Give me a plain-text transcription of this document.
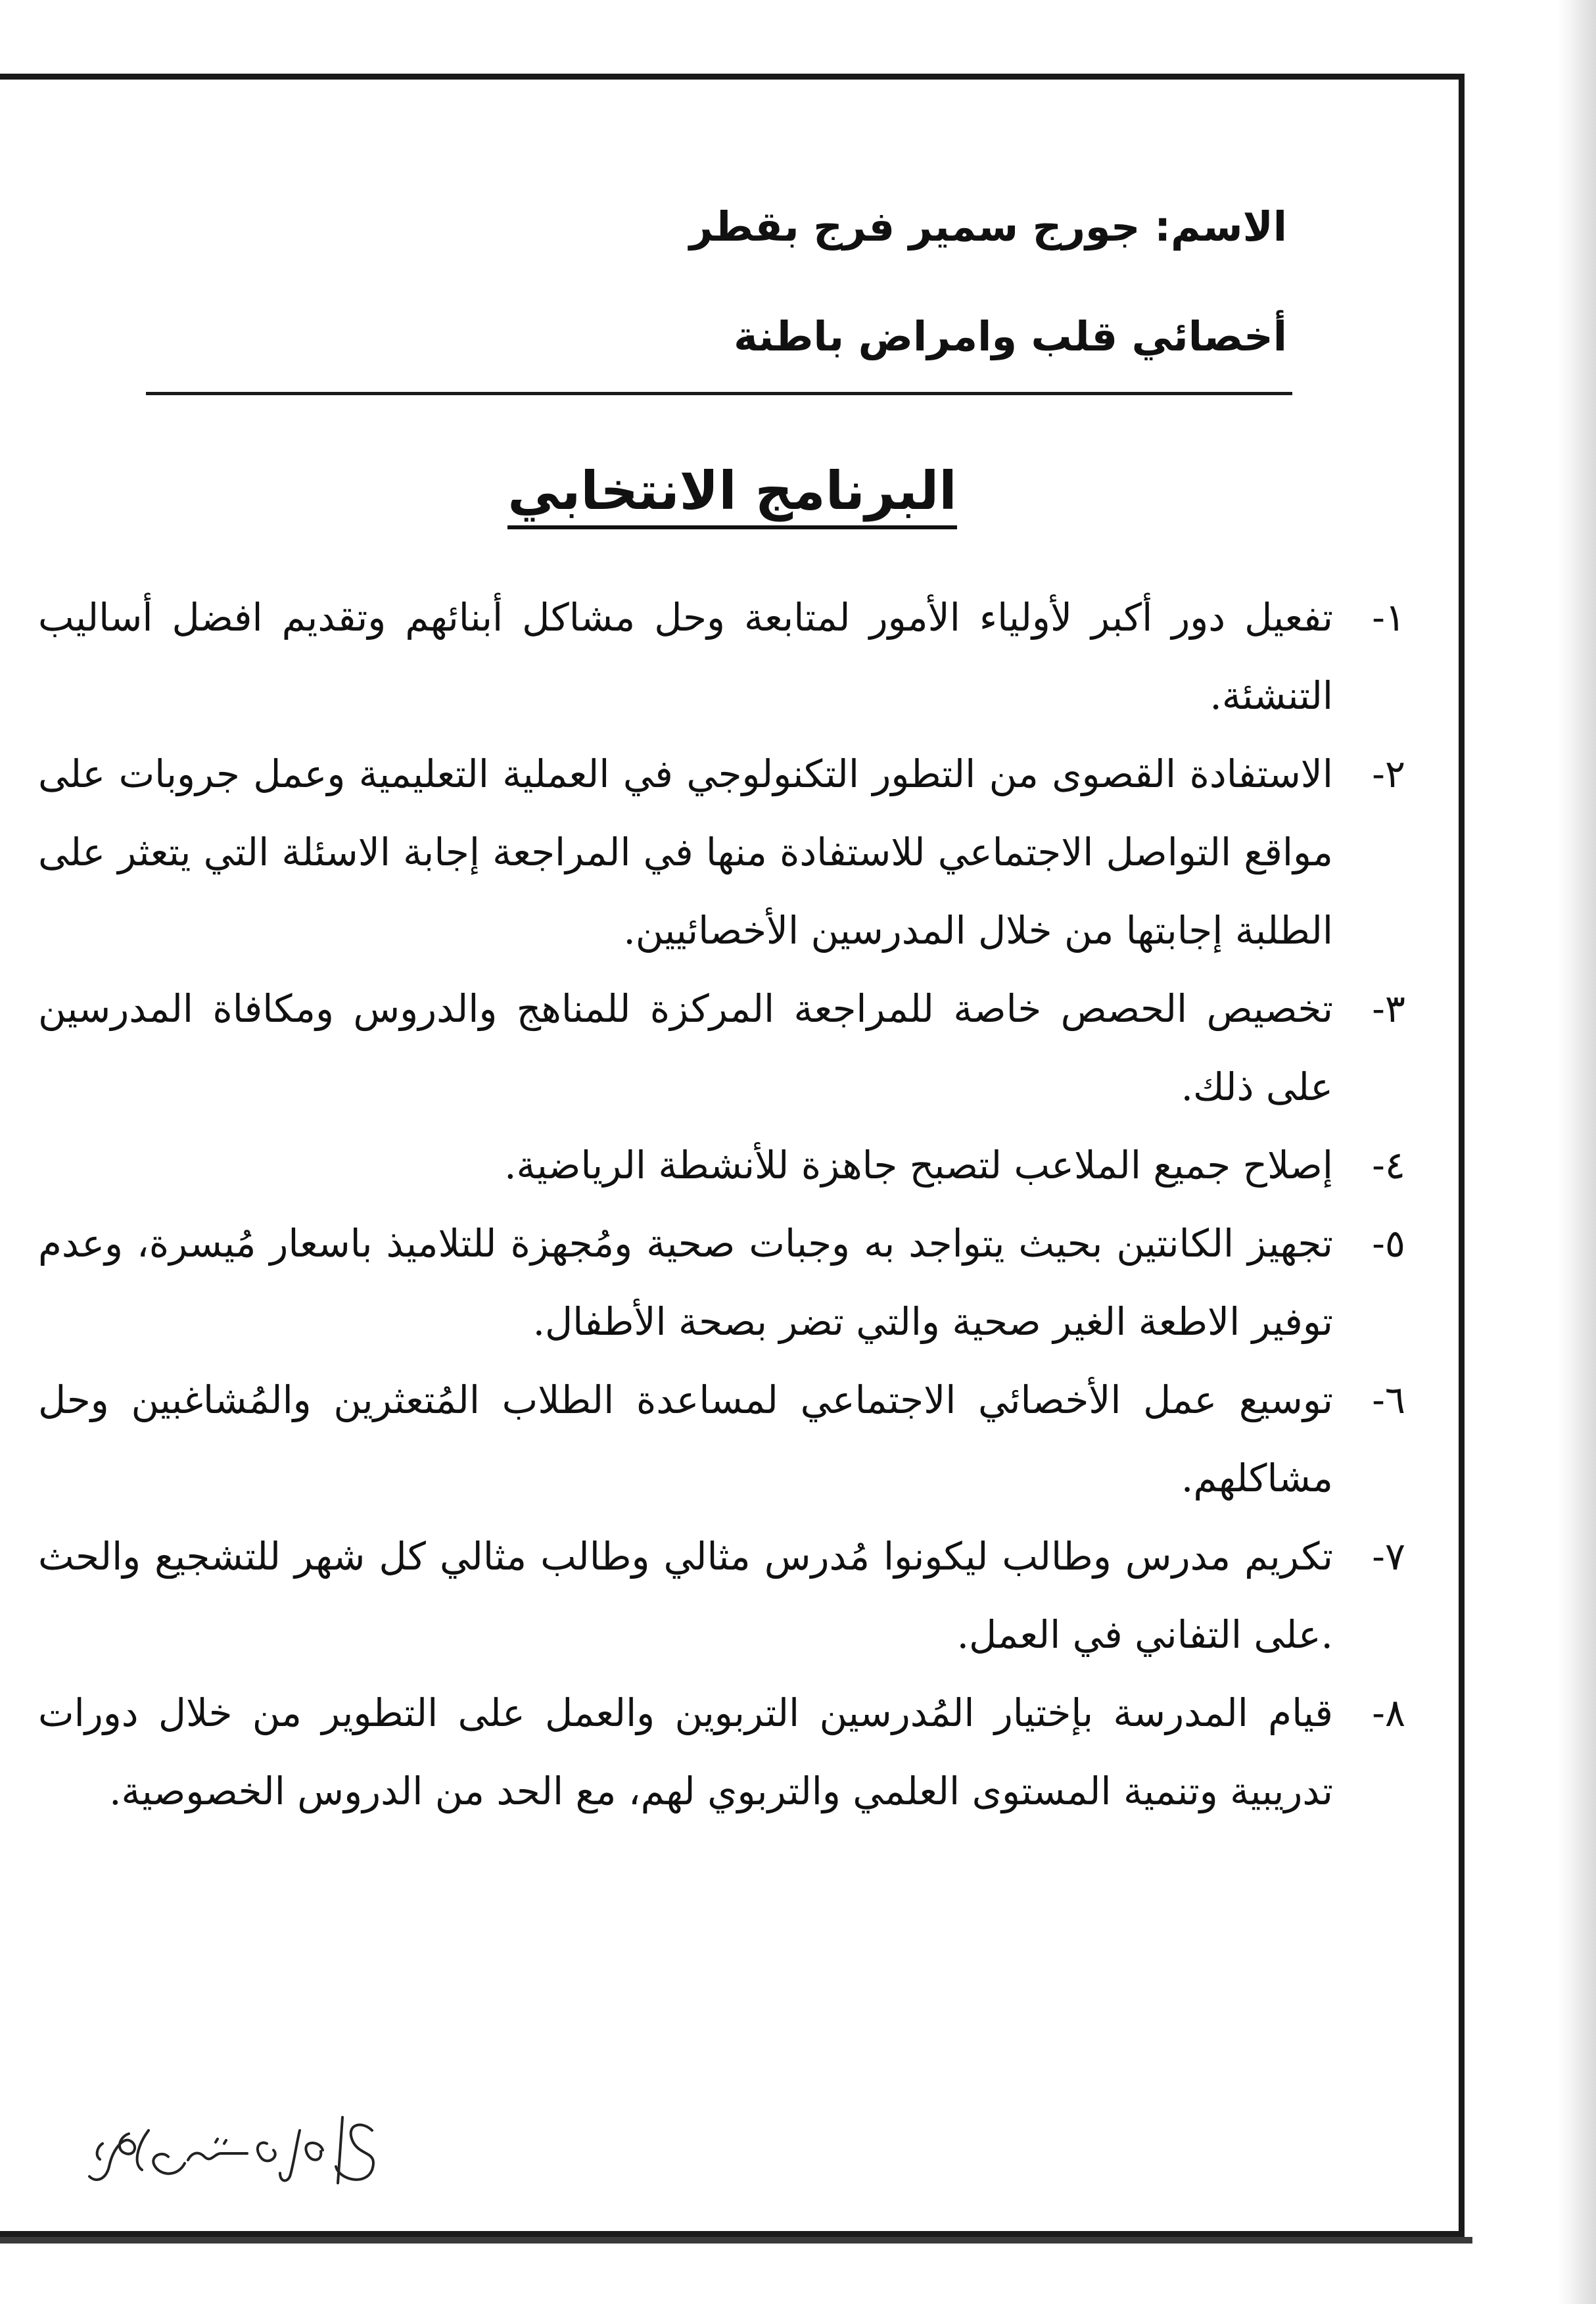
الاسم: جورج سمير فرج بقطر
أخصائي قلب وامراض باطنة
البرنامج الانتخابي
١-
تفعيل دور أكبر لأولياء الأمور لمتابعة وحل مشاكل أبنائهم وتقديم افضل أساليب التنشئة.
٢-
الاستفادة القصوى من التطور التكنولوجي في العملية التعليمية وعمل جروبات على مواقع التواصل الاجتماعي للاستفادة منها في المراجعة إجابة الاسئلة التي يتعثر على الطلبة إجابتها من خلال المدرسين الأخصائيين.
٣-
تخصيص الحصص خاصة للمراجعة المركزة للمناهج والدروس ومكافاة المدرسين على ذلك.
٤-
إصلاح جميع الملاعب لتصبح جاهزة للأنشطة الرياضية.
٥-
تجهيز الكانتين بحيث يتواجد به وجبات صحية ومُجهزة للتلاميذ باسعار مُيسرة، وعدم توفير الاطعة الغير صحية والتي تضر بصحة الأطفال.
٦-
توسيع عمل الأخصائي الاجتماعي لمساعدة الطلاب المُتعثرين والمُشاغبين وحل مشاكلهم.
٧-
تكريم مدرس وطالب ليكونوا مُدرس مثالي وطالب مثالي كل شهر للتشجيع والحث .على التفاني في العمل.
٨-
قيام المدرسة بإختيار المُدرسين التربوين والعمل على التطوير من خلال دورات تدريبية وتنمية المستوى العلمي والتربوي لهم، مع الحد من الدروس الخصوصية.
